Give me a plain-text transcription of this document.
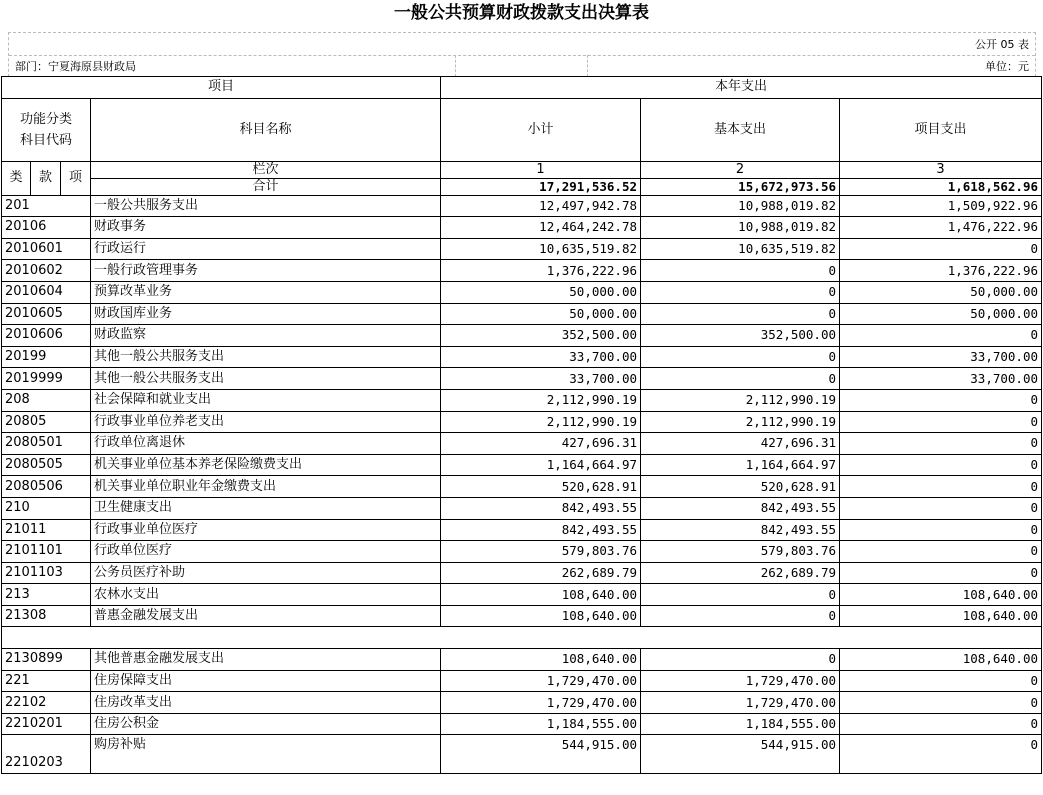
一般公共预算财政拨款支出决算表
公开 05 表
部门：宁夏海原县财政局	单位：元
项目				本年支出		
功能分类
科目代码			科目名称	小计	基本支出	项目支出

类	款	项	栏次	1	2	3
			合计	17,291,536.52	15,672,973.56	1,618,562.96
201			一般公共服务支出	12,497,942.78	10,988,019.82	1,509,922.96
20106			财政事务	12,464,242.78	10,988,019.82	1,476,222.96
2010601			行政运行	10,635,519.82	10,635,519.82	0
2010602			一般行政管理事务	1,376,222.96	0	1,376,222.96
2010604			预算改革业务	50,000.00	0	50,000.00
2010605			财政国库业务	50,000.00	0	50,000.00
2010606			财政监察	352,500.00	352,500.00	0
20199			其他一般公共服务支出	33,700.00	0	33,700.00
2019999			其他一般公共服务支出	33,700.00	0	33,700.00
208			社会保障和就业支出	2,112,990.19	2,112,990.19	0
20805			行政事业单位养老支出	2,112,990.19	2,112,990.19	0
2080501			行政单位离退休	427,696.31	427,696.31	0
2080505			机关事业单位基本养老保险缴费支出	1,164,664.97	1,164,664.97	0
2080506			机关事业单位职业年金缴费支出	520,628.91	520,628.91	0
210			卫生健康支出	842,493.55	842,493.55	0
21011			行政事业单位医疗	842,493.55	842,493.55	0
2101101			行政单位医疗	579,803.76	579,803.76	0
2101103			公务员医疗补助	262,689.79	262,689.79	0
213			农林水支出	108,640.00	0	108,640.00
21308			普惠金融发展支出	108,640.00	0	108,640.00

2130899			其他普惠金融发展支出	108,640.00	0	108,640.00
221			住房保障支出	1,729,470.00	1,729,470.00	0
22102			住房改革支出	1,729,470.00	1,729,470.00	0
2210201			住房公积金	1,184,555.00	1,184,555.00	0
2210203			购房补贴	544,915.00	544,915.00	0
